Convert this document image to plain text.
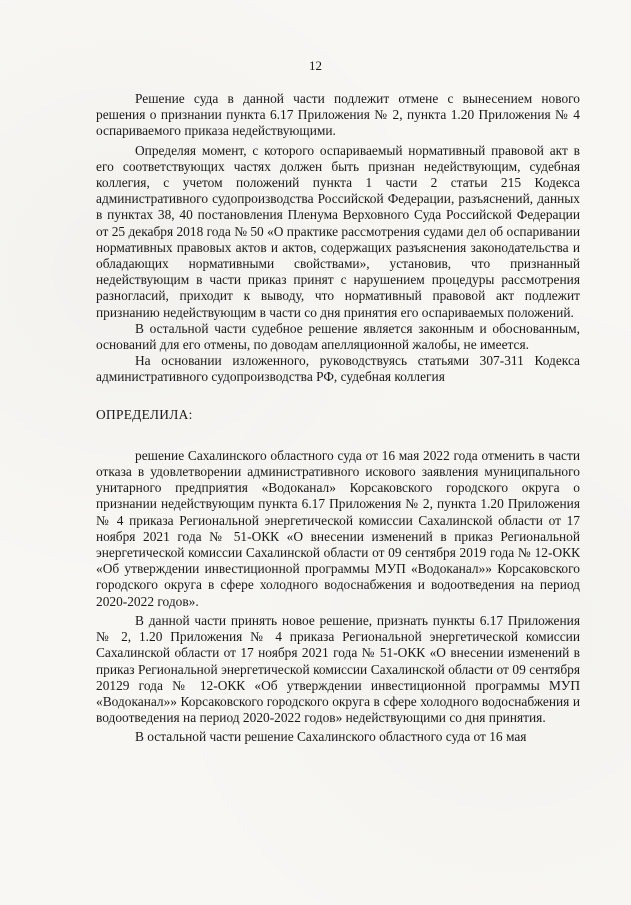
12

Решение суда в данной части подлежит отмене с вынесением нового решения о признании пункта 6.17 Приложения № 2, пункта 1.20 Приложения № 4 оспариваемого приказа недействующими.

Определяя момент, с которого оспариваемый нормативный правовой акт в его соответствующих частях должен быть признан недействующим, судебная коллегия, с учетом положений пункта 1 части 2 статьи 215 Кодекса административного судопроизводства Российской Федерации, разъяснений, данных в пунктах 38, 40 постановления Пленума Верховного Суда Российской Федерации от 25 декабря 2018 года № 50 «О практике рассмотрения судами дел об оспаривании нормативных правовых актов и актов, содержащих разъяснения законодательства и обладающих нормативными свойствами», установив, что признанный недействующим в части приказ принят с нарушением процедуры рассмотрения разногласий, приходит к выводу, что нормативный правовой акт подлежит признанию недействующим в части со дня принятия его оспариваемых положений.

В остальной части судебное решение является законным и обоснованным, оснований для его отмены, по доводам апелляционной жалобы, не имеется.

На основании изложенного, руководствуясь статьями 307-311 Кодекса административного судопроизводства РФ, судебная коллегия

ОПРЕДЕЛИЛА:

решение Сахалинского областного суда от 16 мая 2022 года отменить в части отказа в удовлетворении административного искового заявления муниципального унитарного предприятия «Водоканал» Корсаковского городского округа о признании недействующим пункта 6.17 Приложения № 2, пункта 1.20 Приложения № 4 приказа Региональной энергетической комиссии Сахалинской области от 17 ноября 2021 года № 51-ОКК «О внесении изменений в приказ Региональной энергетической комиссии Сахалинской области от 09 сентября 2019 года № 12-ОКК «Об утверждении инвестиционной программы МУП «Водоканал»» Корсаковского городского округа в сфере холодного водоснабжения и водоотведения на период 2020-2022 годов».

В данной части принять новое решение, признать пункты 6.17 Приложения № 2, 1.20 Приложения № 4 приказа Региональной энергетической комиссии Сахалинской области от 17 ноября 2021 года № 51-ОКК «О внесении изменений в приказ Региональной энергетической комиссии Сахалинской области от 09 сентября 20129 года № 12-ОКК «Об утверждении инвестиционной программы МУП «Водоканал»» Корсаковского городского округа в сфере холодного водоснабжения и водоотведения на период 2020-2022 годов» недействующими со дня принятия.

В остальной части решение Сахалинского областного суда от 16 мая
